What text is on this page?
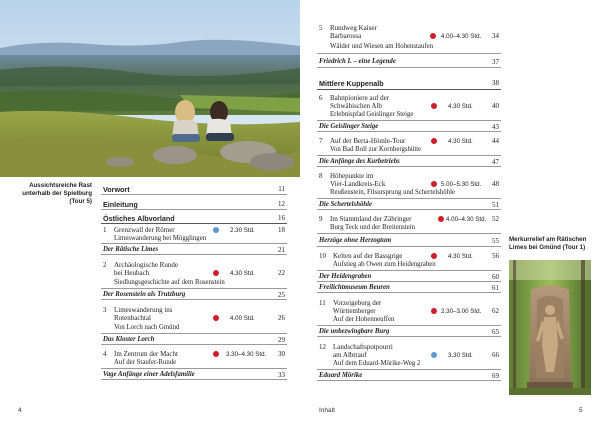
Aussichtsreiche Rast
unterhalb der Spielburg
(Tour 5)
Vorwort	11
Einleitung	12
Östliches Albvorland	16
1 Grenzwall der Römer	2.30 Std.	18
Limeswanderung bei Mögglingen
Der Rätische Limes	21
2 Archäologische Runde
bei Heubach	4.30 Std.	22
Siedlungsgeschichte auf dem Rosenstein
Der Rosenstein als Trutzburg	25
3 Limeswanderung ins
Rotenbachtal	4.00 Std.	26
Von Lorch nach Gmünd
Das Kloster Lorch	29
4 Im Zentrum der Macht	3.30–4.30 Std. 30
Auf der Staufer-Runde
Vage Anfänge einer Adelsfamilie	33
4
5 Rundweg Kaiser
Barbarossa	4.00–4.30 Std. 34
Wälder und Wiesen am Hohenstaufen
Friedrich I. – eine Legende	37
Mittlere Kuppenalb	38
6 Bahnpioniere auf der
Schwäbischen Alb	4.30 Std.	40
Erlebnispfad Geislinger Steige
Die Geislinger Steige	43
7 Auf der Berta-Hömle-Tour	4.30 Std.	44
Von Bad Boll zur Kornbergshütte
Die Anfänge des Kurbetriebs	47
8 Höhepunkte im
Vier-Landkreis-Eck	5.00–5.30 Std. 48
Reußenstein, Filsursprung und Schertelshöhle
Die Schertelshöhle	51
9 Im Stammland der Zähringer	4.00–4.30 Std. 52
Burg Teck und der Breitenstein
Herzöge ohne Herzogtum	55
10 Kelten auf der Bassgrige	4.30 Std.	56
Aufstieg ab Owen zum Heidengraben
Der Heidengraben	60
Freilichtmuseum Beuren	61
11 Vorzeigeburg der
Württemberger	2.30–3.00 Std. 62
Auf der Hohenneuffen
Die unbezwingbare Burg	65
12 Landschaftspotpourri
am Albtrauf	3.30 Std.	66
Auf dem Eduard-Mörike-Weg 2
Eduard Mörike	69
Merkurrelief am Rätischen
Limes bei Gmünd (Tour 1)
Inhalt	5
